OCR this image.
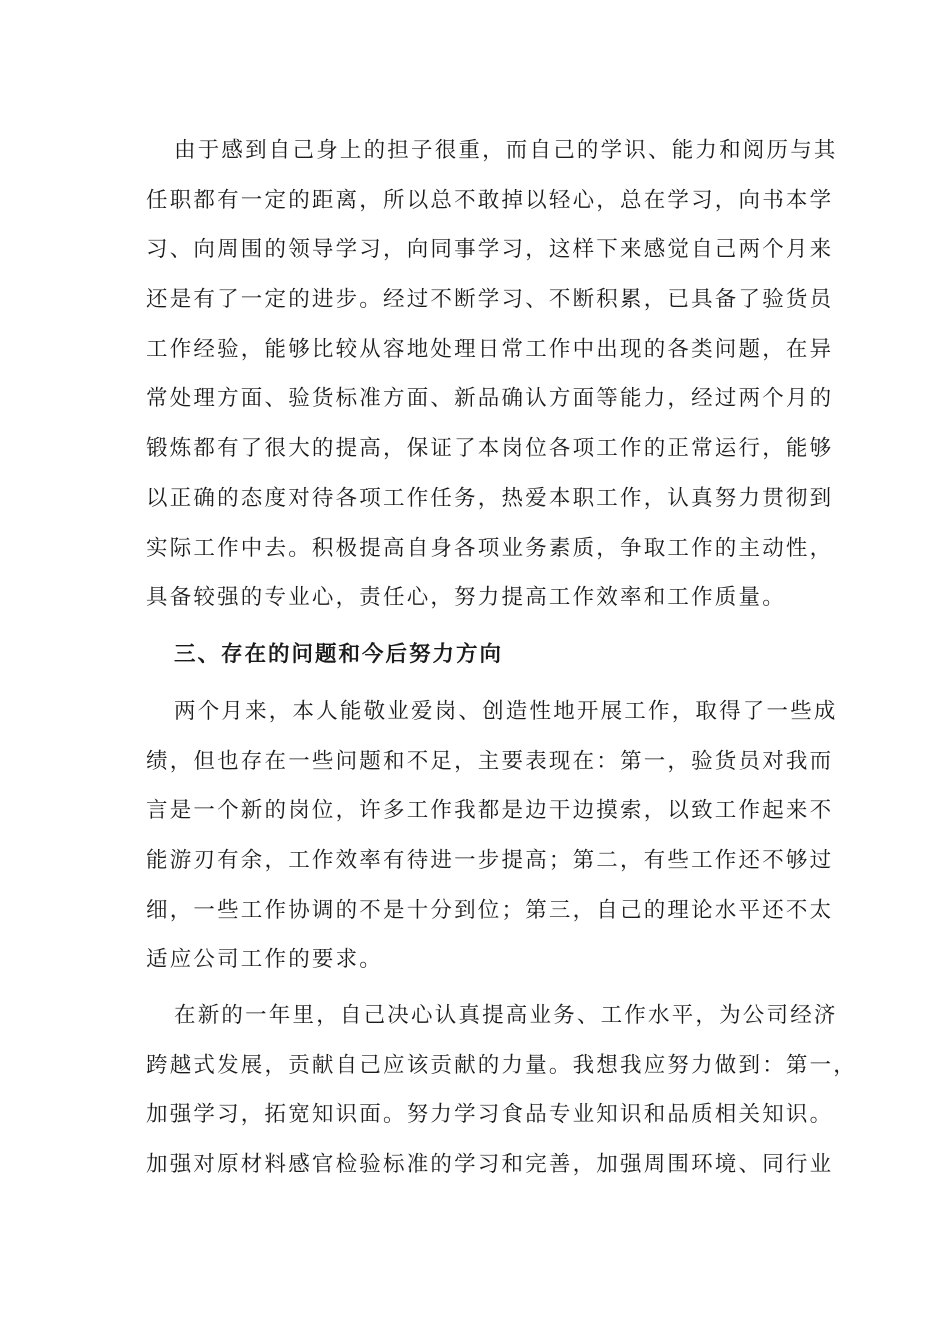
由于感到自己身上的担子很重，而自己的学识、能力和阅历与其
任职都有一定的距离，所以总不敢掉以轻心，总在学习，向书本学
习、向周围的领导学习，向同事学习，这样下来感觉自己两个月来
还是有了一定的进步。经过不断学习、不断积累，已具备了验货员
工作经验，能够比较从容地处理日常工作中出现的各类问题，在异
常处理方面、验货标准方面、新品确认方面等能力，经过两个月的
锻炼都有了很大的提高，保证了本岗位各项工作的正常运行，能够
以正确的态度对待各项工作任务，热爱本职工作，认真努力贯彻到
实际工作中去。积极提高自身各项业务素质，争取工作的主动性，
具备较强的专业心，责任心，努力提高工作效率和工作质量。
三、存在的问题和今后努力方向
两个月来，本人能敬业爱岗、创造性地开展工作，取得了一些成
绩，但也存在一些问题和不足，主要表现在：第一，验货员对我而
言是一个新的岗位，许多工作我都是边干边摸索，以致工作起来不
能游刃有余，工作效率有待进一步提高；第二，有些工作还不够过
细，一些工作协调的不是十分到位；第三，自己的理论水平还不太
适应公司工作的要求。
在新的一年里，自己决心认真提高业务、工作水平，为公司经济
跨越式发展，贡献自己应该贡献的力量。我想我应努力做到：第一，
加强学习，拓宽知识面。努力学习食品专业知识和品质相关知识。
加强对原材料感官检验标准的学习和完善，加强周围环境、同行业
